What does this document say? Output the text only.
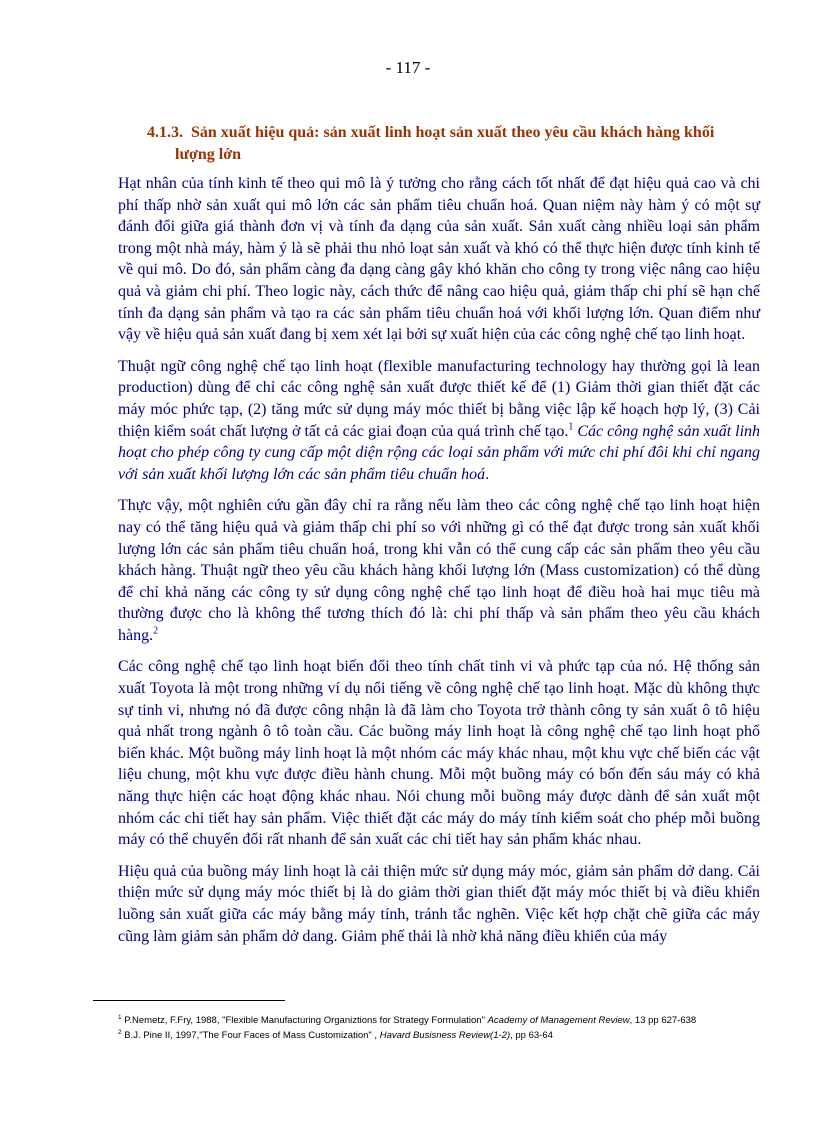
- 117 -
4.1.3. Sản xuất hiệu quả: sản xuất linh hoạt sản xuất theo yêu cầu khách hàng khối
lượng lớn

Hạt nhân của tính kinh tế theo qui mô là ý tưởng cho rằng cách tốt nhất để đạt hiệu quả cao và chi phí thấp nhờ sản xuất qui mô lớn các sản phẩm tiêu chuẩn hoá. Quan niệm này hàm ý có một sự đánh đổi giữa giá thành đơn vị và tính đa dạng của sản xuất. Sản xuất càng nhiều loại sản phẩm trong một nhà máy, hàm ý là sẽ phải thu nhỏ loạt sản xuất và khó có thể thực hiện được tính kinh tế về qui mô. Do đó, sản phẩm càng đa dạng càng gây khó khăn cho công ty trong việc nâng cao hiệu quả và giảm chi phí. Theo logic này, cách thức để nâng cao hiệu quả, giảm thấp chi phí sẽ hạn chế tính đa dạng sản phẩm và tạo ra các sản phẩm tiêu chuẩn hoá với khối lượng lớn. Quan điểm như vậy về hiệu quả sản xuất đang bị xem xét lại bởi sự xuất hiện của các công nghệ chế tạo linh hoạt.

Thuật ngữ công nghệ chế tạo linh hoạt (flexible manufacturing technology hay thường gọi là lean production) dùng để chỉ các công nghệ sản xuất được thiết kế để (1) Giảm thời gian thiết đặt các máy móc phức tạp, (2) tăng mức sử dụng máy móc thiết bị bằng việc lập kế hoạch hợp lý, (3) Cải thiện kiểm soát chất lượng ở tất cả các giai đoạn của quá trình chế tạo.$^1$ Các công nghệ sản xuất linh hoạt cho phép công ty cung cấp một diện rộng các loại sản phẩm với mức chi phí đôi khi chỉ ngang với sản xuất khối lượng lớn các sản phẩm tiêu chuẩn hoá.

Thực vậy, một nghiên cứu gần đây chỉ ra rằng nếu làm theo các công nghệ chế tạo linh hoạt hiện nay có thể tăng hiệu quả và giảm thấp chi phí so với những gì có thể đạt được trong sản xuất khối lượng lớn các sản phẩm tiêu chuẩn hoá, trong khi vẫn có thể cung cấp các sản phẩm theo yêu cầu khách hàng. Thuật ngữ theo yêu cầu khách hàng khối lượng lớn (Mass customization) có thể dùng để chỉ khả năng các công ty sử dụng công nghệ chế tạo linh hoạt để điều hoà hai mục tiêu mà thường được cho là không thể tương thích đó là: chi phí thấp và sản phẩm theo yêu cầu khách hàng.$^2$

Các công nghệ chế tạo linh hoạt biến đổi theo tính chất tinh vi và phức tạp của nó. Hệ thống sản xuất Toyota là một trong những ví dụ nổi tiếng về công nghệ chế tạo linh hoạt. Mặc dù không thực sự tinh vi, nhưng nó đã được công nhận là đã làm cho Toyota trở thành công ty sản xuất ô tô hiệu quả nhất trong ngành ô tô toàn cầu. Các buồng máy linh hoạt là công nghệ chế tạo linh hoạt phổ biến khác. Một buồng máy linh hoạt là một nhóm các máy khác nhau, một khu vực chế biến các vật liệu chung, một khu vực được điều hành chung. Mỗi một buồng máy có bốn đến sáu máy có khả năng thực hiện các hoạt động khác nhau. Nói chung mỗi buồng máy được dành để sản xuất một nhóm các chi tiết hay sản phẩm. Việc thiết đặt các máy do máy tính kiểm soát cho phép mỗi buồng máy có thể chuyển đổi rất nhanh để sản xuất các chi tiết hay sản phẩm khác nhau.

Hiệu quả của buồng máy linh hoạt là cải thiện mức sử dụng máy móc, giảm sản phẩm dở dang. Cải thiện mức sử dụng máy móc thiết bị là do giảm thời gian thiết đặt máy móc thiết bị và điều khiển luồng sản xuất giữa các máy bằng máy tính, tránh tắc nghẽn. Việc kết hợp chặt chẽ giữa các máy cũng làm giảm sản phẩm dở dang. Giảm phế thải là nhờ khả năng điều khiển của máy

$^1$ P.Nemetz, F.Fry, 1988, "Flexible Manufacturing Organiztions for Strategy Formulation" Academy of Management Review, 13 pp 627-638
$^2$ B.J. Pine II, 1997,"The Four Faces of Mass Customization" , Havard Busisness Review(1-2), pp 63-64
